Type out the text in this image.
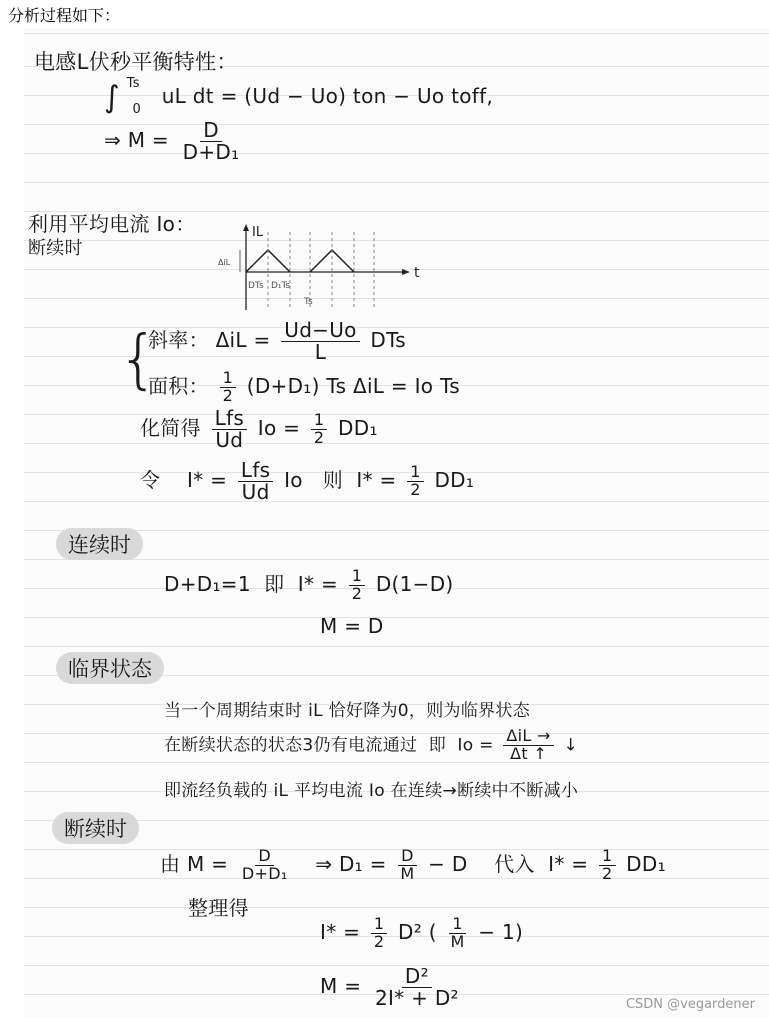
分析过程如下：
电感L伏秒平衡特性：
∫ $^{Ts}$ $_0$ uL dt = (Ud − Uo) ton − Uo toff,
⇒ $M = \frac{D}{\text{D+D₁}}$
利用平均电流 Io：
断续时
IL
ΔiL
t
DTs D₁Ts
Ts
{
斜率： $\Delta iL = \frac{Ud-Uo}{L}$ DTs
面积： $\frac{1}{2} (D+D_1)$ Ts ΔiL = Io Ts
化简得 $\frac{\text{Lfs}}{Ud}$ $Io = \frac{1}{2} DD_1$
令 $I* = \frac{\text{Lfs}}{Ud}$ Io   则  $I* = \frac{1}{2} DD_1$
连续时
D+D₁=1  即  $I* = \frac{1}{2} D(1-D)$
M = D
临界状态
当一个周期结束时 iL 恰好降为0，则为临界状态
在断续状态的状态3仍有电流通过  即  $Io = \frac{\text{ΔiL →}}{\Delta t ↑}$ ↓
即流经负载的 iL 平均电流 Io 在连续→断续中不断减小
断续时
由 $M = \frac{D}{\text{D+D₁}}$ ⇒ $D_1 = \frac{D}{M} - D$    代入  $I* = \frac{1}{2} DD_1$
整理得
$I* = \frac{1}{2} D^2$ ( $\frac{1}{M} - 1$)
$M = \frac{\text{D²}}{\text{2I* + D²}}$	CSDN @vegardener
